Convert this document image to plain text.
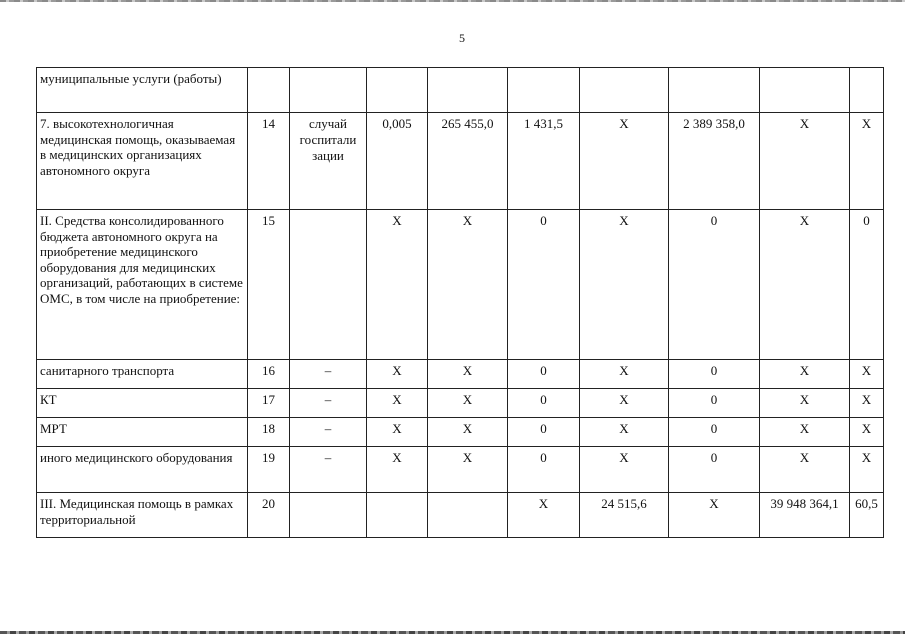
5
муниципальные услуги (работы)									
7. высокотехнологичная медицинская помощь, оказываемая в медицинских организациях автономного округа	14	случай госпитали зации	0,005	265 455,0	1 431,5	X	2 389 358,0	X	X
II. Средства консолидированного бюджета автономного округа на приобретение медицинского оборудования для медицинских организаций, работающих в системе ОМС, в том числе на приобретение:	15		X	X	0	X	0	X	0
санитарного транспорта	16	–	X	X	0	X	0	X	X
КТ	17	–	X	X	0	X	0	X	X
МРТ	18	–	X	X	0	X	0	X	X
иного медицинского оборудования	19	–	X	X	0	X	0	X	X
III. Медицинская помощь в рамках территориальной	20				X	24 515,6	X	39 948 364,1	60,5
